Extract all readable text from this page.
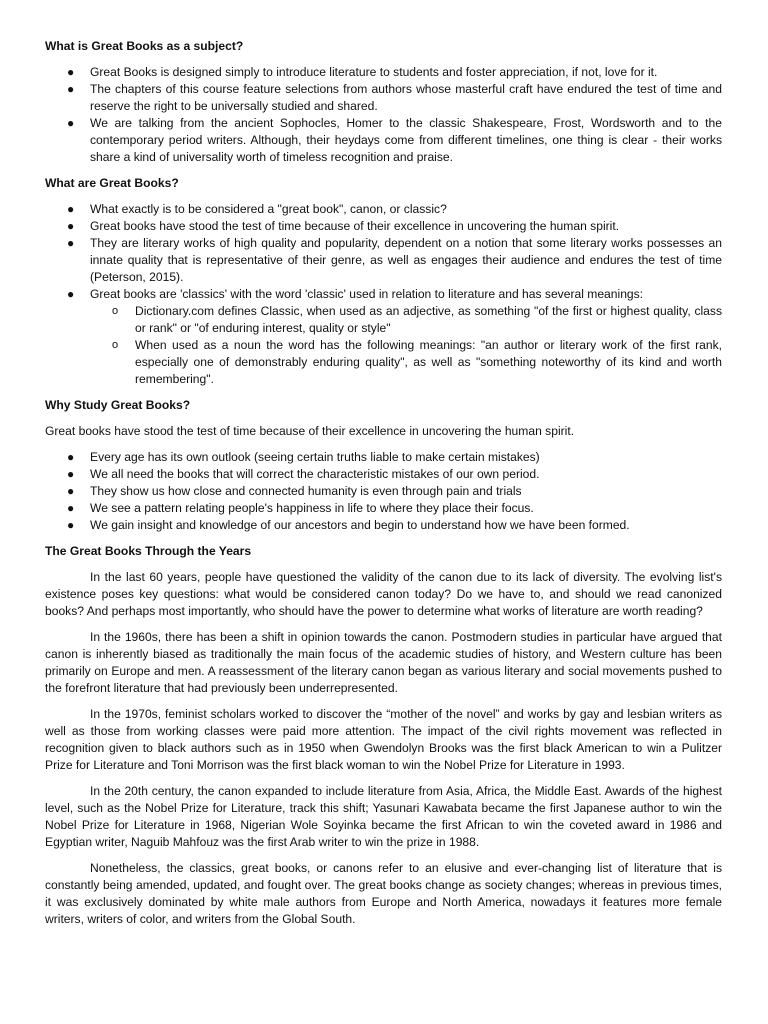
What is Great Books as a subject?
● Great Books is designed simply to introduce literature to students and foster appreciation, if not, love for it.
● The chapters of this course feature selections from authors whose masterful craft have endured the test of time and reserve the right to be universally studied and shared.
● We are talking from the ancient Sophocles, Homer to the classic Shakespeare, Frost, Wordsworth and to the contemporary period writers. Although, their heydays come from different timelines, one thing is clear - their works share a kind of universality worth of timeless recognition and praise.
What are Great Books?
● What exactly is to be considered a "great book", canon, or classic?
● Great books have stood the test of time because of their excellence in uncovering the human spirit.
● They are literary works of high quality and popularity, dependent on a notion that some literary works possesses an innate quality that is representative of their genre, as well as engages their audience and endures the test of time (Peterson, 2015).
● Great books are 'classics' with the word 'classic' used in relation to literature and has several meanings:
o Dictionary.com defines Classic, when used as an adjective, as something "of the first or highest quality, class or rank" or "of enduring interest, quality or style"
o When used as a noun the word has the following meanings: "an author or literary work of the first rank, especially one of demonstrably enduring quality", as well as "something noteworthy of its kind and worth remembering".
Why Study Great Books?

Great books have stood the test of time because of their excellence in uncovering the human spirit.

● Every age has its own outlook (seeing certain truths liable to make certain mistakes)
● We all need the books that will correct the characteristic mistakes of our own period.
● They show us how close and connected humanity is even through pain and trials
● We see a pattern relating people's happiness in life to where they place their focus.
● We gain insight and knowledge of our ancestors and begin to understand how we have been formed.
The Great Books Through the Years

In the last 60 years, people have questioned the validity of the canon due to its lack of diversity. The evolving list's existence poses key questions: what would be considered canon today? Do we have to, and should we read canonized books? And perhaps most importantly, who should have the power to determine what works of literature are worth reading?

In the 1960s, there has been a shift in opinion towards the canon. Postmodern studies in particular have argued that canon is inherently biased as traditionally the main focus of the academic studies of history, and Western culture has been primarily on Europe and men. A reassessment of the literary canon began as various literary and social movements pushed to the forefront literature that had previously been underrepresented.

In the 1970s, feminist scholars worked to discover the “mother of the novel” and works by gay and lesbian writers as well as those from working classes were paid more attention. The impact of the civil rights movement was reflected in recognition given to black authors such as in 1950 when Gwendolyn Brooks was the first black American to win a Pulitzer Prize for Literature and Toni Morrison was the first black woman to win the Nobel Prize for Literature in 1993.

In the 20th century, the canon expanded to include literature from Asia, Africa, the Middle East. Awards of the highest level, such as the Nobel Prize for Literature, track this shift; Yasunari Kawabata became the first Japanese author to win the Nobel Prize for Literature in 1968, Nigerian Wole Soyinka became the first African to win the coveted award in 1986 and Egyptian writer, Naguib Mahfouz was the first Arab writer to win the prize in 1988.

Nonetheless, the classics, great books, or canons refer to an elusive and ever-changing list of literature that is constantly being amended, updated, and fought over. The great books change as society changes; whereas in previous times, it was exclusively dominated by white male authors from Europe and North America, nowadays it features more female writers, writers of color, and writers from the Global South.
